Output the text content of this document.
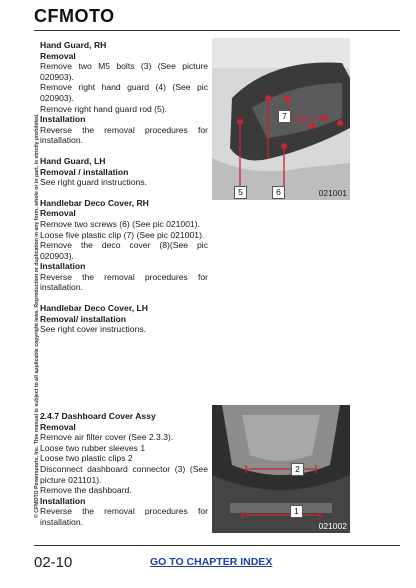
CFMOTO
© CFMOTO Powersports, Inc. This manual is subject to all applicable copyright laws. Reproduction or duplication in any form, whole or in part, is strictly prohibited.

Hand Guard, RH

Removal

Remove two M5 bolts (3) (See picture 020903).

Remove right hand guard (4) (See pic 020903).

Remove right hand guard rod (5).

Installation

Reverse the removal procedures for installation.

Hand Guard, LH

Removal / installation

See right guard instructions.

Handlebar Deco Cover, RH

Removal

Remove two screws (6) (See pic 021001).

Loose five plastic clip (7) (See pic 021001).

Remove the deco cover (8)(See pic 020903).

Installation

Reverse the removal procedures for installation.

Handlebar Deco Cover, LH

Removal/ installation

See right cover instructions.

2.4.7 Dashboard Cover Assy

Removal

Remove air filter cover (See 2.3.3).

Loose two rubber sleeves 1

Loose two plastic clips 2

Disconnect dashboard connector (3) (See picture 021101).

Remove the dashboard.

Installation

Reverse the removal procedures for installation.

7
5	6	021001
2
1
021002
02-10	GO TO CHAPTER INDEX
